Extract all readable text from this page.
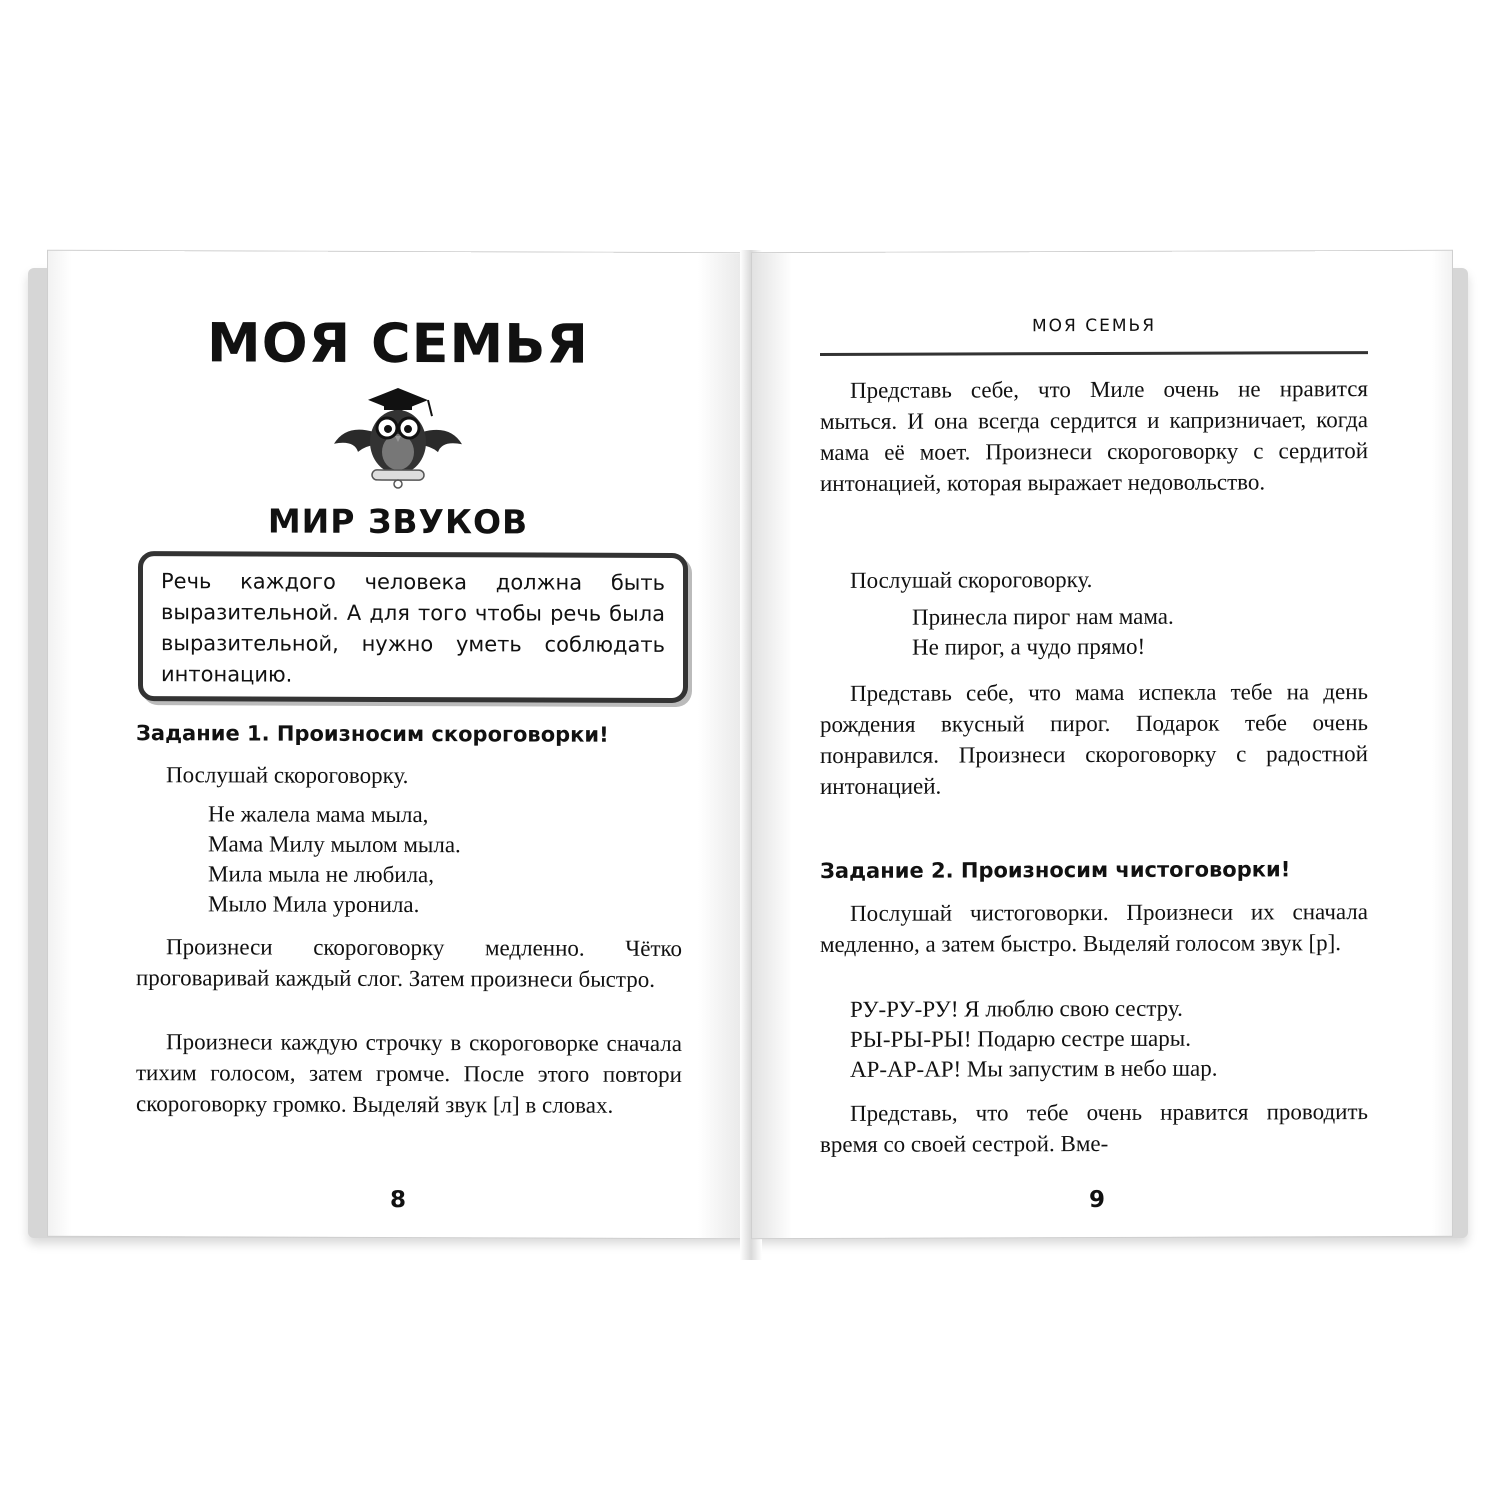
МОЯ СЕМЬЯ
МИР ЗВУКОВ

Речь каждого человека должна быть выразительной. А для того чтобы речь была выразительной, нужно уметь соблюдать интонацию.

Задание 1. Произносим скороговорки!

Послушай скороговорку.

Не жалела мама мыла,
Мама Милу мылом мыла.
Мила мыла не любила,
Мыло Мила уронила.

Произнеси скороговорку медленно. Чётко проговаривай каждый слог. Затем произнеси быстро.

Произнеси каждую строчку в скороговорке сначала тихим голосом, затем громче. После этого повтори скороговорку громко. Выделяй звук [л] в словах.

8
МОЯ СЕМЬЯ

Представь себе, что Миле очень не нравится мыться. И она всегда сердится и капризничает, когда мама её моет. Произнеси скороговорку с сердитой интонацией, которая выражает недовольство.

Послушай скороговорку.

Принесла пирог нам мама.
Не пирог, а чудо прямо!

Представь себе, что мама испекла тебе на день рождения вкусный пирог. Подарок тебе очень понравился. Произнеси скороговорку с радостной интонацией.

Задание 2. Произносим чистоговорки!

Послушай чистоговорки. Произнеси их сначала медленно, а затем быстро. Выделяй голосом звук [р].

РУ-РУ-РУ! Я люблю свою сестру.
РЫ-РЫ-РЫ! Подарю сестре шары.
АР-АР-АР! Мы запустим в небо шар.

Представь, что тебе очень нравится проводить время со своей сестрой. Вме-

9
